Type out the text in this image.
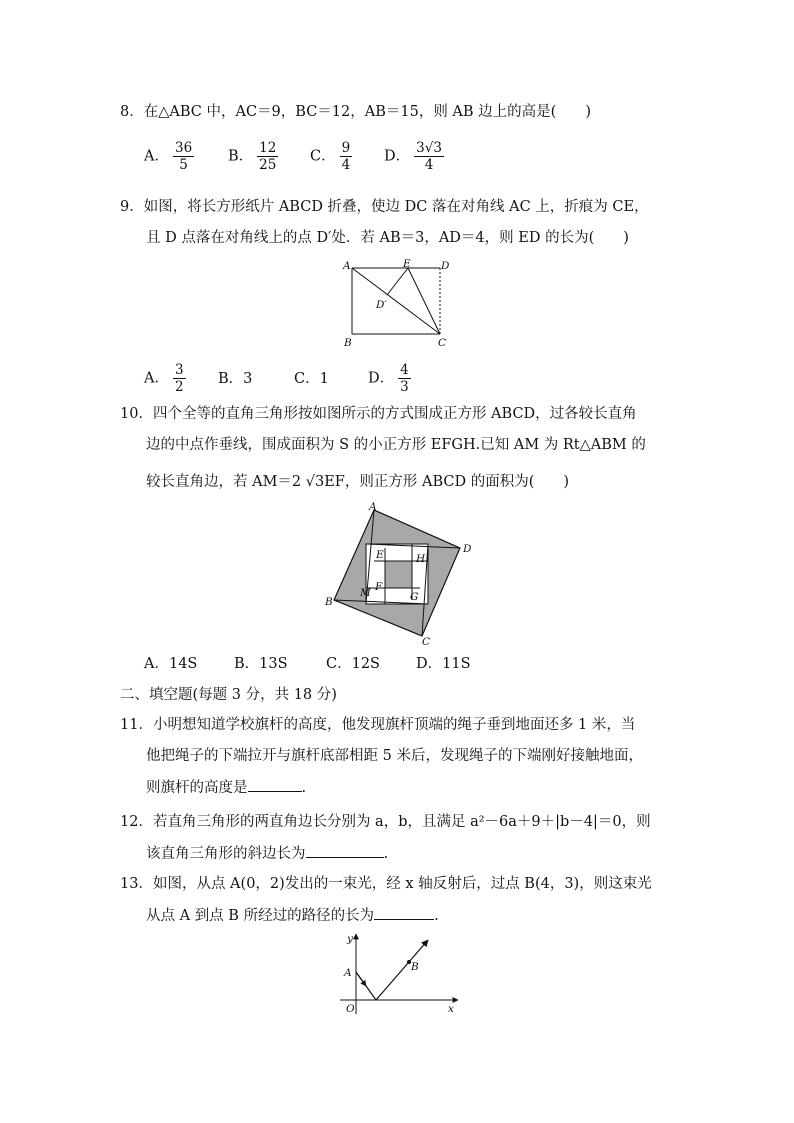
8．在△ABC 中，AC＝9，BC＝12，AB＝15，则 AB 边上的高是(　　)
A． $\frac{36}{5}$ B． $\frac{12}{25}$ C． $\frac{9}{4}$ D． $\frac{3√3}{4}$
9．如图，将长方形纸片 ABCD 折叠，使边 DC 落在对角线 AC 上，折痕为 CE，
且 D 点落在对角线上的点 D′处．若 AB＝3，AD＝4，则 ED 的长为(　　)
A	E	D
D′
B	C
A． $\frac{3}{2}$ B．3	C．1	D． $\frac{4}{3}$
10．四个全等的直角三角形按如图所示的方式围成正方形 ABCD，过各较长直角
边的中点作垂线，围成面积为 S 的小正方形 EFGH.已知 AM 为 Rt△ABM 的
较长直角边，若 AM＝2 √3EF，则正方形 ABCD 的面积为(　　)
A
D
C
B
E	H
F
M	G
A．14S	B．13S	C．12S D．11S
二、填空题(每题 3 分，共 18 分)
11．小明想知道学校旗杆的高度，他发现旗杆顶端的绳子垂到地面还多 1 米，当
他把绳子的下端拉开与旗杆底部相距 5 米后，发现绳子的下端刚好接触地面，
则旗杆的高度是	.
12．若直角三角形的两直角边长分别为 a，b，且满足 a²－6a＋9＋|b－4|＝0，则
该直角三角形的斜边长为	.
13．如图，从点 A(0，2)发出的一束光，经 x 轴反射后，过点 B(4，3)，则这束光
从点 A 到点 B 所经过的路径的长为	.
y
x
O
A	B
